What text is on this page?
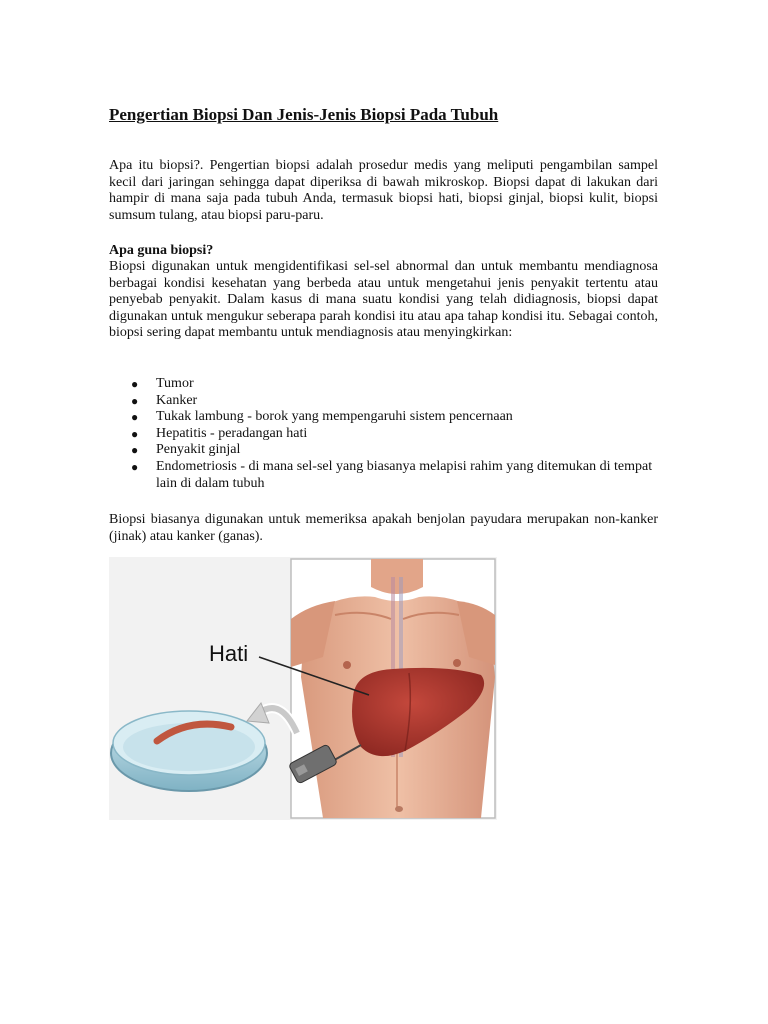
Pengertian Biopsi Dan Jenis-Jenis Biopsi Pada Tubuh

Apa itu biopsi?. Pengertian biopsi adalah prosedur medis yang meliputi pengambilan sampel kecil dari jaringan sehingga dapat diperiksa di bawah mikroskop. Biopsi dapat di lakukan dari hampir di mana saja pada tubuh Anda, termasuk biopsi hati, biopsi ginjal, biopsi kulit, biopsi sumsum tulang, atau biopsi paru-paru.

Apa guna biopsi?

Biopsi digunakan untuk mengidentifikasi sel-sel abnormal dan untuk membantu mendiagnosa berbagai kondisi kesehatan yang berbeda atau untuk mengetahui jenis penyakit tertentu atau penyebab penyakit. Dalam kasus di mana suatu kondisi yang telah didiagnosis, biopsi dapat digunakan untuk mengukur seberapa parah kondisi itu atau apa tahap kondisi itu. Sebagai contoh, biopsi sering dapat membantu untuk mendiagnosis atau menyingkirkan:

● Tumor
● Kanker
● Tukak lambung - borok yang mempengaruhi sistem pencernaan
● Hepatitis - peradangan hati
● Penyakit ginjal
● Endometriosis - di mana sel-sel yang biasanya melapisi rahim yang ditemukan di tempat lain di dalam tubuh

Biopsi biasanya digunakan untuk memeriksa apakah benjolan payudara merupakan non-kanker (jinak) atau kanker (ganas).

Hati
